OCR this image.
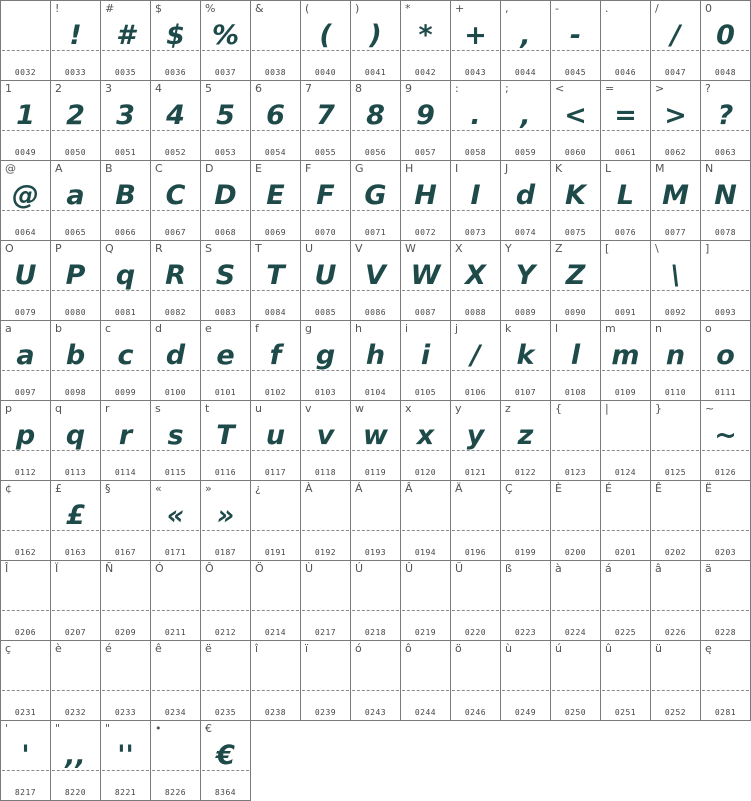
0032
!
!
0033
#
#
0035
$
$
0036
%
%
0037
&
0038
(
(
0040
)
)
0041
*
*
0042
+
+
0043
,
,
0044
-
-
0045
.
0046
/
/
0047
0
0
0048
1
1
0049
2
2
0050
3
3
0051
4
4
0052
5
5
0053
6
6
0054
7
7
0055
8
8
0056
9
9
0057
:
.
0058
;
,
0059
<
<
0060
=
=
0061
>
>
0062
?
?
0063
@
@
0064
A
a
0065
B
B
0066
C
C
0067
D
D
0068
E
E
0069
F
F
0070
G
G
0071
H
H
0072
I
I
0073
J
d
0074
K
K
0075
L
L
0076
M
M
0077
N
N
0078
O
U
0079
P
P
0080
Q
q
0081
R
R
0082
S
S
0083
T
T
0084
U
U
0085
V
V
0086
W
W
0087
X
X
0088
Y
Y
0089
Z
Z
0090
[
0091
\
\
0092
]
0093
a
a
0097
b
b
0098
c
c
0099
d
d
0100
e
e
0101
f
f
0102
g
g
0103
h
h
0104
i
i
0105
j
/
0106
k
k
0107
l
l
0108
m
m
0109
n
n
0110
o
o
0111
p
p
0112
q
q
0113
r
r
0114
s
s
0115
t
T
0116
u
u
0117
v
v
0118
w
w
0119
x
x
0120
y
y
0121
z
z
0122
{
0123
|
0124
}
0125
~
~
0126
¢
0162
£
£
0163
§
0167
«
«
0171
»
»
0187
¿
0191
À
0192
Á
0193
Â
0194
Ä
0196
Ç
0199
È
0200
É
0201
Ê
0202
Ë
0203
Î
0206
Ï
0207
Ñ
0209
Ó
0211
Ô
0212
Ö
0214
Ù
0217
Ú
0218
Û
0219
Ü
0220
ß
0223
à
0224
á
0225
â
0226
ä
0228
ç
0231
è
0232
é
0233
ê
0234
ë
0235
î
0238
ï
0239
ó
0243
ô
0244
ö
0246
ù
0249
ú
0250
û
0251
ü
0252
ę
0281
'
'
8217
"
,,
8220
"
''
8221
•
8226
€
€
8364
